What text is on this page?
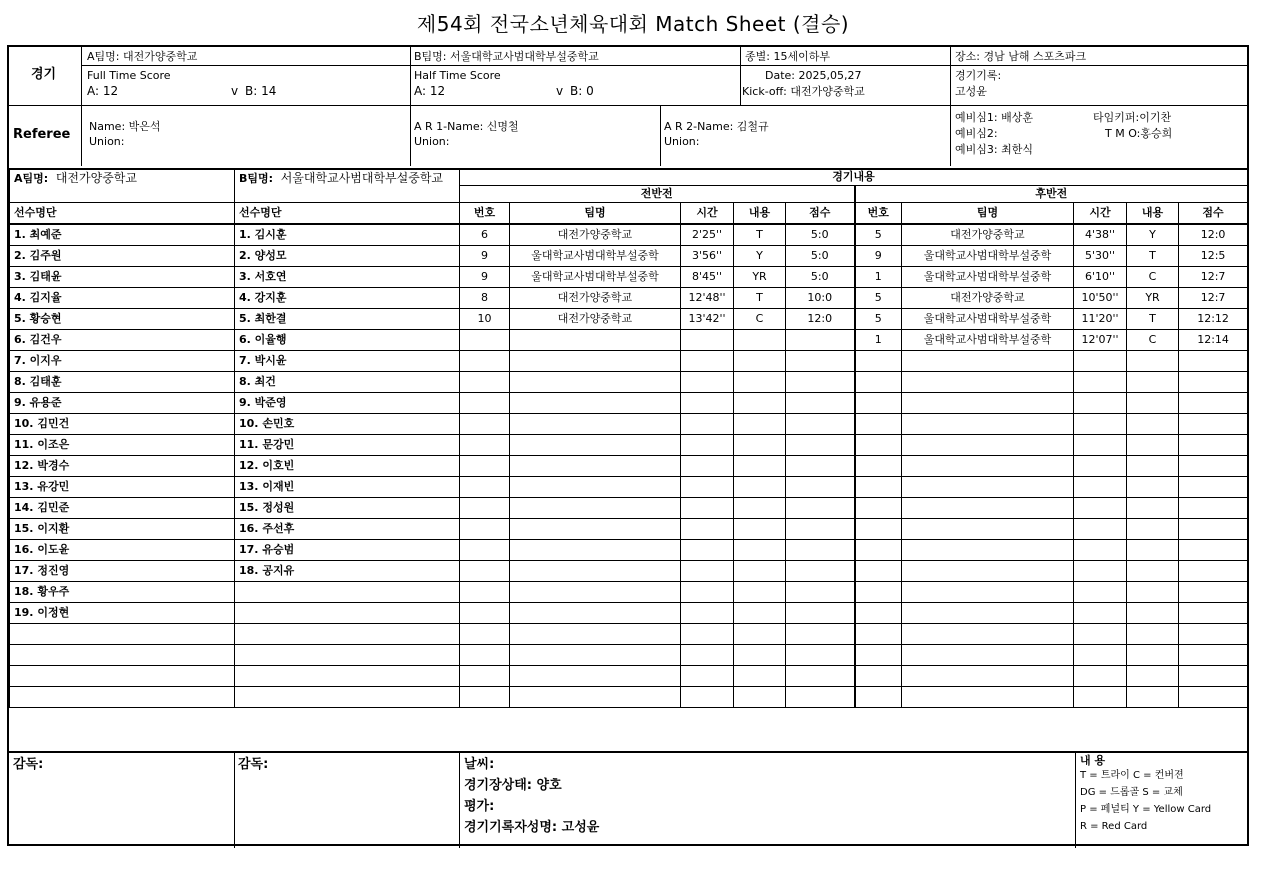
제54회 전국소년체육대회 Match Sheet (결승)
경기
A팀명: 대전가양중학교	B팀명: 서울대학교사범대학부설중학교	종별: 15세이하부	장소: 경남 남해 스포츠파크
Full Time Score
A: 12	v B: 14
Half Time Score
A: 12	v B: 0
Date: 2025,05,27
Kick-off: 대전가양중학교
경기기록:
고성윤
Referee
Name: 박은석
Union:
A R 1-Name: 신명철
Union:
A R 2-Name: 김철규
Union:
예비심1: 배상훈
예비심2:
예비심3: 최한식
타임키퍼:이기찬
T M O:홍승희
A팀명: 대전가양중학교	B팀명: 서울대학교사범대학부설중학교	경기내용									
		전반전					후반전				
선수명단	선수명단	번호	팀명	시간	내용	점수	번호	팀명	시간	내용	점수
1. 최예준	1. 김시훈	6	대전가양중학교	2'25''	T	5:0	5	대전가양중학교	4'38''	Y	12:0
2. 김주원	2. 양성모	9	울대학교사범대학부설중학	3'56''	Y	5:0	9	울대학교사범대학부설중학	5'30''	T	12:5
3. 김태윤	3. 서호연	9	울대학교사범대학부설중학	8'45''	YR	5:0	1	울대학교사범대학부설중학	6'10''	C	12:7
4. 김지율	4. 강지훈	8	대전가양중학교	12'48''	T	10:0	5	대전가양중학교	10'50''	YR	12:7
5. 황승현	5. 최한결	10	대전가양중학교	13'42''	C	12:0	5	울대학교사범대학부설중학	11'20''	T	12:12
6. 김건우	6. 이율행						1	울대학교사범대학부설중학	12'07''	C	12:14
7. 이지우	7. 박시윤										
8. 김태훈	8. 최건										
9. 유용준	9. 박준영										
10. 김민건	10. 손민호										
11. 이조은	11. 문강민										
12. 박경수	12. 이호빈										
13. 유강민	13. 이재빈										
14. 김민준	15. 정성원										
15. 이지환	16. 주선후										
16. 이도윤	17. 유승범										
17. 정진영	18. 공지유										
18. 황우주											
19. 이정현											

감독:	감독:	날씨:
경기장상태: 양호
평가:
경기기록자성명: 고성윤
내 용
T = 트라이 C = 컨버젼
DG = 드롭골 S = 교체
P = 페널티 Y = Yellow Card
R = Red Card
